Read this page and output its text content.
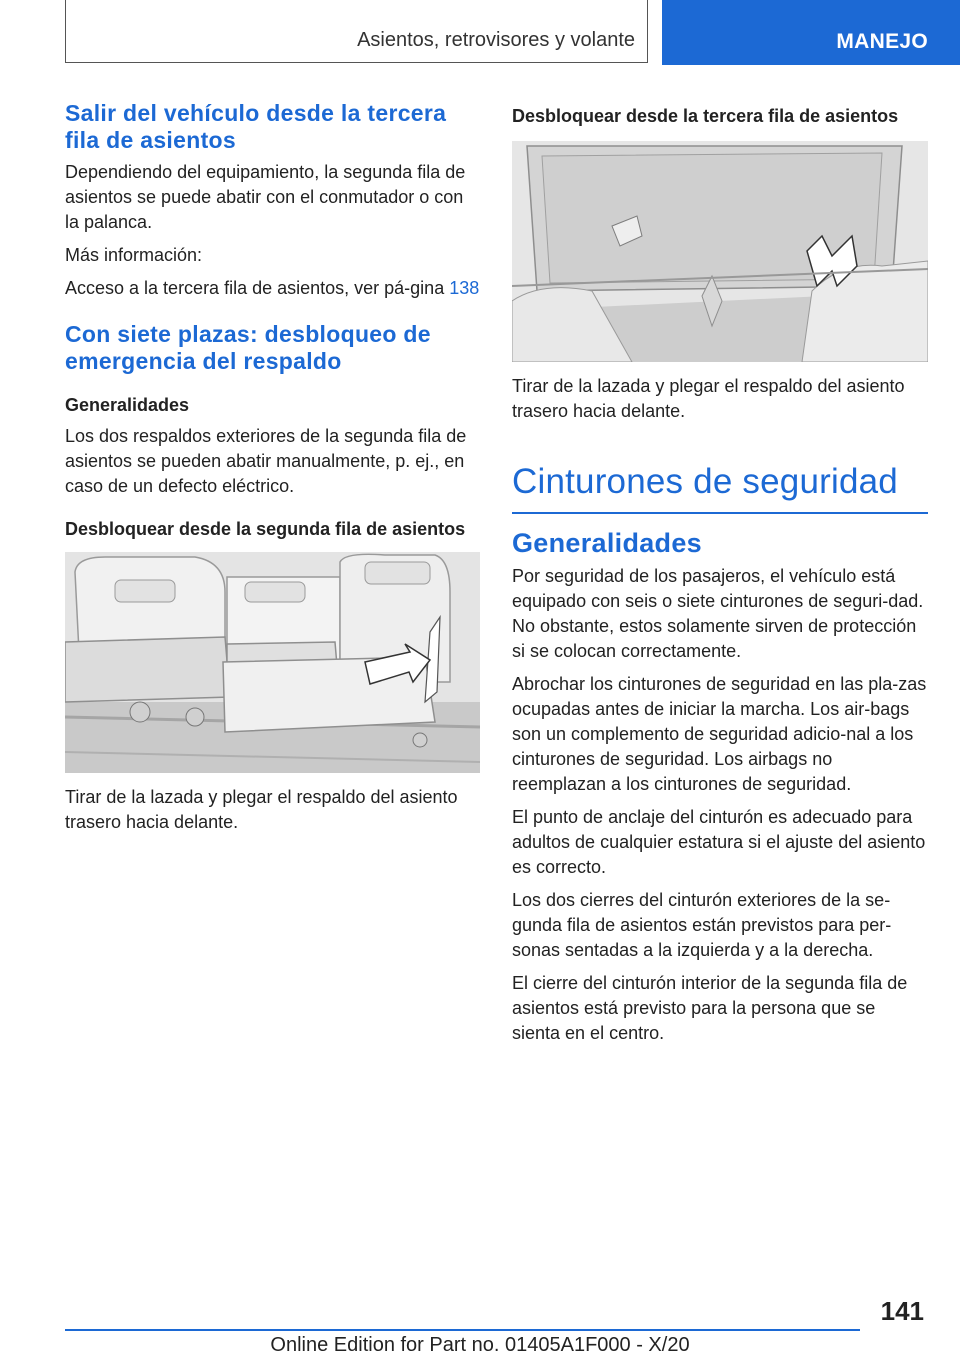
Asientos, retrovisores y volante	MANEJO
Salir del vehículo desde la tercera fila de asientos

Dependiendo del equipamiento, la segunda fila de asientos se puede abatir con el conmutador o con la palanca.

Más información:

Acceso a la tercera fila de asientos, ver pá-gina 138

Con siete plazas: desbloqueo de emergencia del respaldo
Generalidades

Los dos respaldos exteriores de la segunda fila de asientos se pueden abatir manualmente, p. ej., en caso de un defecto eléctrico.

Desbloquear desde la segunda fila de asientos

Tirar de la lazada y plegar el respaldo del asiento trasero hacia delante.

Desbloquear desde la tercera fila de asientos

Tirar de la lazada y plegar el respaldo del asiento trasero hacia delante.

Cinturones de seguridad
Generalidades

Por seguridad de los pasajeros, el vehículo está equipado con seis o siete cinturones de seguri-dad. No obstante, estos solamente sirven de protección si se colocan correctamente.

Abrochar los cinturones de seguridad en las pla-zas ocupadas antes de iniciar la marcha. Los air-bags son un complemento de seguridad adicio-nal a los cinturones de seguridad. Los airbags no reemplazan a los cinturones de seguridad.

El punto de anclaje del cinturón es adecuado para adultos de cualquier estatura si el ajuste del asiento es correcto.

Los dos cierres del cinturón exteriores de la se-gunda fila de asientos están previstos para per-sonas sentadas a la izquierda y a la derecha.

El cierre del cinturón interior de la segunda fila de asientos está previsto para la persona que se sienta en el centro.

141
Online Edition for Part no. 01405A1F000 - X/20
